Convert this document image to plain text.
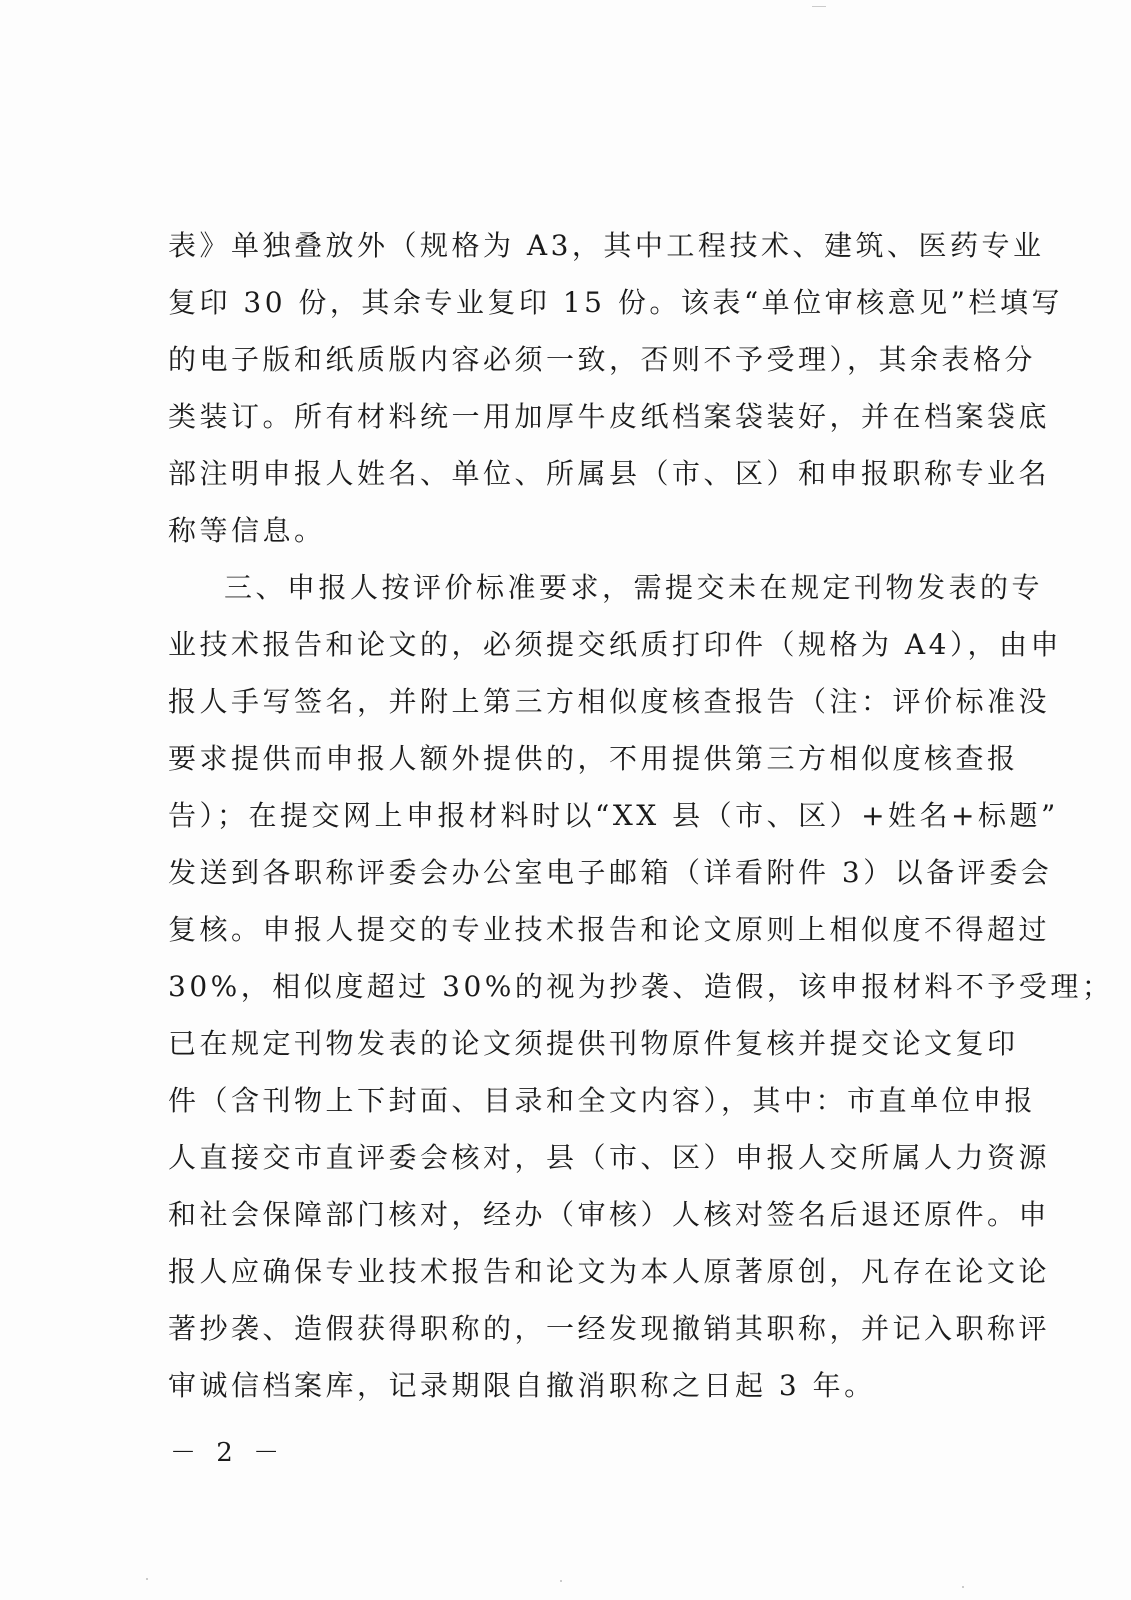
表》单独叠放外（规格为 A3，其中工程技术、建筑、医药专业
复印 30 份，其余专业复印 15 份。该表“单位审核意见”栏填写
的电子版和纸质版内容必须一致，否则不予受理），其余表格分
类装订。所有材料统一用加厚牛皮纸档案袋装好，并在档案袋底
部注明申报人姓名、单位、所属县（市、区）和申报职称专业名
称等信息。
三、申报人按评价标准要求，需提交未在规定刊物发表的专
业技术报告和论文的，必须提交纸质打印件（规格为 A4），由申
报人手写签名，并附上第三方相似度核查报告（注：评价标准没
要求提供而申报人额外提供的，不用提供第三方相似度核查报
告）；在提交网上申报材料时以“XX 县（市、区）+姓名+标题”
发送到各职称评委会办公室电子邮箱（详看附件 3）以备评委会
复核。申报人提交的专业技术报告和论文原则上相似度不得超过
30%，相似度超过 30%的视为抄袭、造假，该申报材料不予受理；
已在规定刊物发表的论文须提供刊物原件复核并提交论文复印
件（含刊物上下封面、目录和全文内容），其中：市直单位申报
人直接交市直评委会核对，县（市、区）申报人交所属人力资源
和社会保障部门核对，经办（审核）人核对签名后退还原件。申
报人应确保专业技术报告和论文为本人原著原创，凡存在论文论
著抄袭、造假获得职称的，一经发现撤销其职称，并记入职称评
审诚信档案库，记录期限自撤消职称之日起 3 年。
－ 2 －
